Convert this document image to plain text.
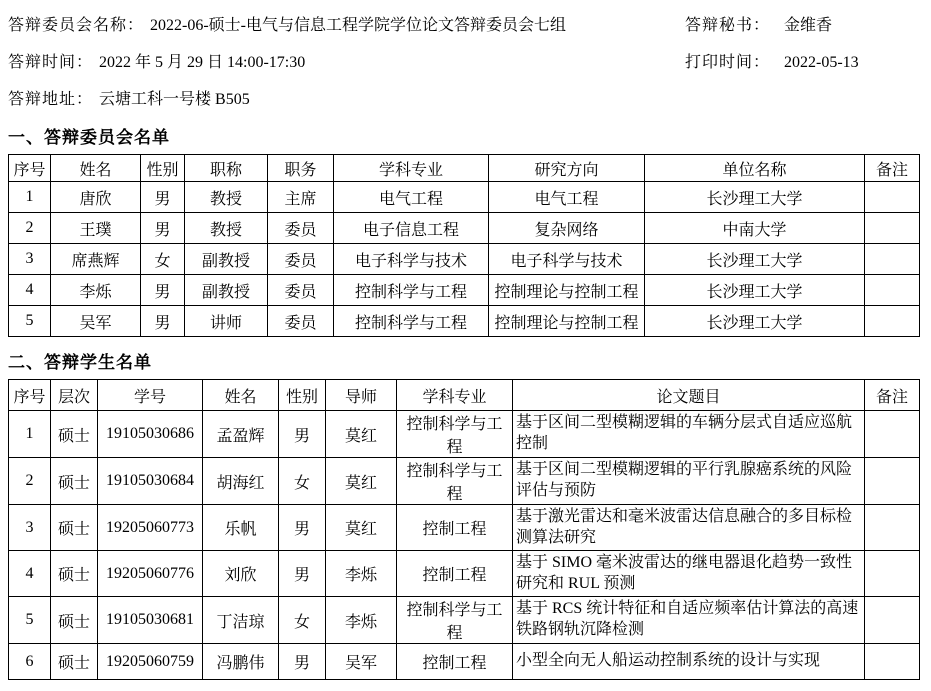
答辩委员会名称： 2022-06-硕士-电气与信息工程学院学位论文答辩委员会七组	答辩秘书： 金维香
答辩时间： 2022 年 5 月 29 日 14:00-17:30	打印时间： 2022-05-13
答辩地址： 云塘工科一号楼 B505
一、答辩委员会名单
序号	姓名	性别	职称	职务	学科专业	研究方向	单位名称	备注
1	唐欣	男	教授	主席	电气工程	电气工程	长沙理工大学	
2	王璞	男	教授	委员	电子信息工程	复杂网络	中南大学	
3	席燕辉	女	副教授	委员	电子科学与技术	电子科学与技术	长沙理工大学	
4	李烁	男	副教授	委员	控制科学与工程	控制理论与控制工程	长沙理工大学	
5	吴军	男	讲师	委员	控制科学与工程	控制理论与控制工程	长沙理工大学	
二、答辩学生名单
序号	层次	学号	姓名	性别	导师	学科专业	论文题目	备注
1	硕士	19105030686	孟盈辉	男	莫红	控制科学与工程	基于区间二型模糊逻辑的车辆分层式自适应巡航控制	
2	硕士	19105030684	胡海红	女	莫红	控制科学与工程	基于区间二型模糊逻辑的平行乳腺癌系统的风险评估与预防	
3	硕士	19205060773	乐帆	男	莫红	控制工程	基于激光雷达和毫米波雷达信息融合的多目标检测算法研究	
4	硕士	19205060776	刘欣	男	李烁	控制工程	基于 SIMO 毫米波雷达的继电器退化趋势一致性研究和 RUL 预测	
5	硕士	19105030681	丁洁琼	女	李烁	控制科学与工程	基于 RCS 统计特征和自适应频率估计算法的高速铁路钢轨沉降检测	
6	硕士	19205060759	冯鹏伟	男	吴军	控制工程	小型全向无人船运动控制系统的设计与实现	
